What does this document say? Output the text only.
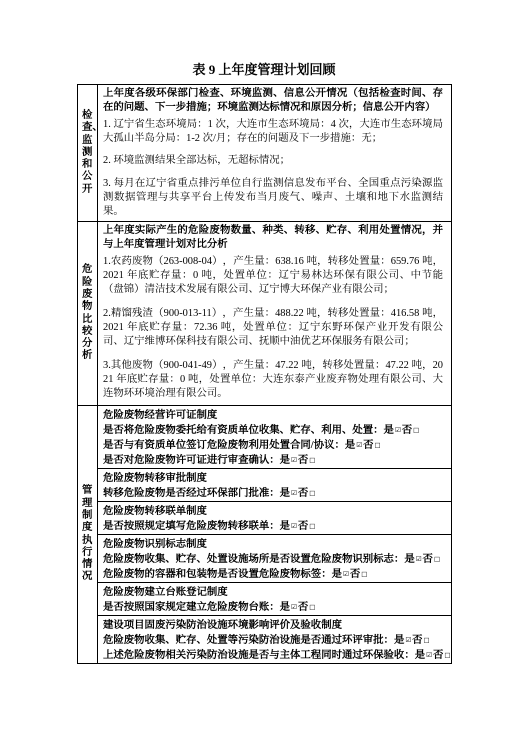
表 9 上年度管理计划回顾
检查、监测和公开	上年度各级环保部门检查、环境监测、信息公开情况（包括检查时间、存在的问题、下一步措施；环境监测达标情况和原因分析；信息公开内容）
1. 辽宁省生态环境局：1 次，大连市生态环境局：4 次，大连市生态环境局大孤山半岛分局：1-2 次/月；存在的问题及下一步措施：无；
2. 环境监测结果全部达标，无超标情况；
3. 每月在辽宁省重点排污单位自行监测信息发布平台、全国重点污染源监测数据管理与共享平台上传发布当月废气、噪声、土壤和地下水监测结果。

危险废物比较分析	上年度实际产生的危险废物数量、种类、转移、贮存、利用处置情况，并与上年度管理计划对比分析
1.农药废物（263-008-04），产生量：638.16 吨，转移处置量：659.76 吨，2021 年底贮存量：0 吨，处置单位：辽宁易林达环保有限公司、中节能（盘锦）清洁技术发展有限公司、辽宁博大环保产业有限公司；
2.精馏残渣（900-013-11），产生量：488.22 吨，转移处置量：416.58 吨，2021 年底贮存量：72.36 吨，处置单位：辽宁东野环保产业开发有限公司、辽宁维博环保科技有限公司、抚顺中油优艺环保服务有限公司；
3.其他废物（900-041-49），产生量：47.22 吨，转移处置量：47.22 吨，2021 年底贮存量：0 吨，处置单位：大连东泰产业废弃物处理有限公司、大连物环环境治理有限公司。

管理制度执行情况	危险废物经营许可证制度
是否将危险废物委托给有资质单位收集、贮存、利用、处置：是☑否□
是否与有资质单位签订危险废物利用处置合同/协议：是☑否□
是否对危险废物许可证进行审查确认：是☑否□

	危险废物转移审批制度
转移危险废物是否经过环保部门批准：是☑否□

	危险废物转移联单制度
是否按照规定填写危险废物转移联单：是☑否□

	危险废物识别标志制度
危险废物收集、贮存、处置设施场所是否设置危险废物识别标志：是☑否□
危险废物的容器和包装物是否设置危险废物标签：是☑否□

	危险废物建立台账登记制度
是否按照国家规定建立危险废物台账：是☑否□

	建设项目固废污染防治设施环境影响评价及验收制度
危险废物收集、贮存、处置等污染防治设施是否通过环评审批：是☑否□
上述危险废物相关污染防治设施是否与主体工程同时通过环保验收：是☑否□
